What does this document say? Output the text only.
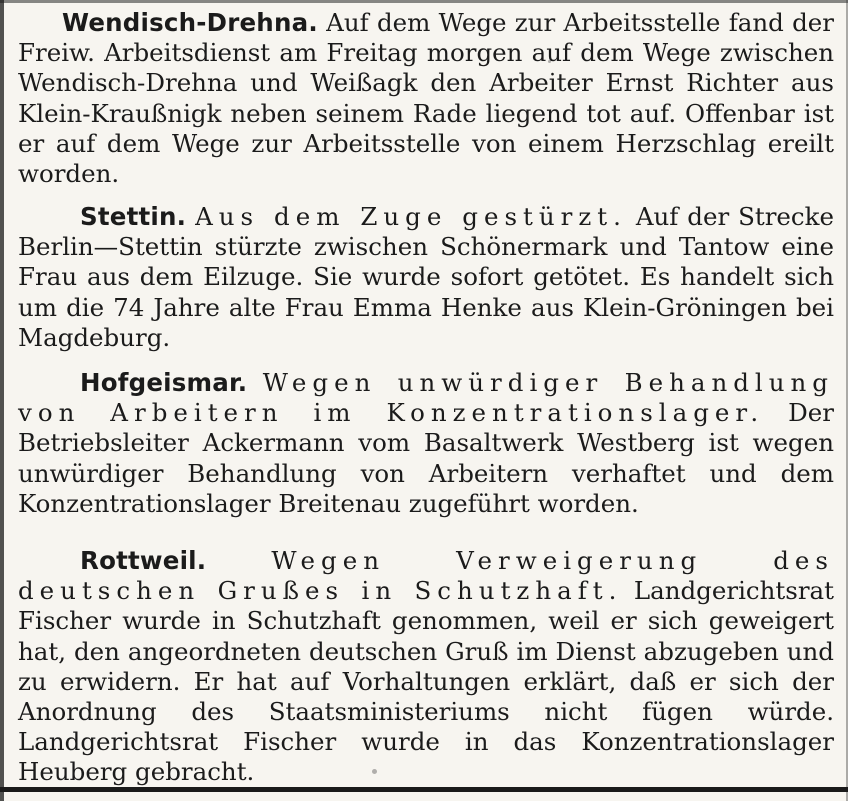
Wendisch-Drehna. Auf dem Wege zur Arbeitsstelle fand der Freiw. Arbeitsdienst am Freitag morgen auf dem Wege zwischen Wendisch-Drehna und Weißagk den Arbeiter Ernst Richter aus Klein-Kraußnigk neben seinem Rade liegend tot auf. Offenbar ist er auf dem Wege zur Arbeitsstelle von einem Herzschlag ereilt worden.

Stettin. Aus dem Zuge gestürzt. Auf der Strecke Berlin—Stettin stürzte zwischen Schönermark und Tantow eine Frau aus dem Eilzuge. Sie wurde sofort getötet. Es handelt sich um die 74 Jahre alte Frau Emma Henke aus Klein-Gröningen bei Magdeburg.

Hofgeismar. Wegen unwürdiger Behandlung von Arbeitern im Konzentrationslager. Der Betriebsleiter Ackermann vom Basaltwerk Westberg ist wegen unwürdiger Behandlung von Arbeitern verhaftet und dem Konzentrationslager Breitenau zugeführt worden.

Rottweil.	Wegen Verweigerung des deutschen Grußes in Schutzhaft. Landgerichtsrat Fischer wurde in Schutzhaft genommen, weil er sich geweigert hat, den angeordneten deutschen Gruß im Dienst abzugeben und zu erwidern. Er hat auf Vorhaltungen erklärt, daß er sich der Anordnung des Staatsministeriums nicht fügen würde. Landgerichtsrat Fischer wurde in das Konzentrationslager Heuberg gebracht.
